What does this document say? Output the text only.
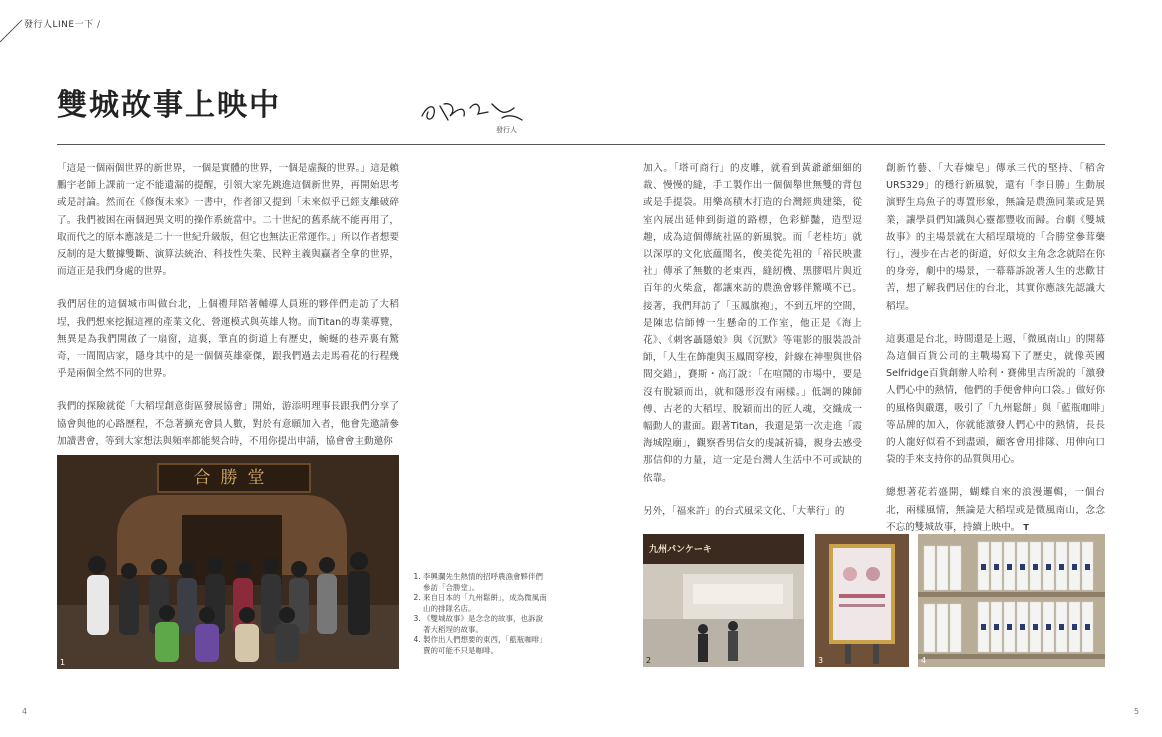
發行人LINE一下 /
雙城故事上映中
發行人

「這是一個兩個世界的新世界，一個是實體的世界，一個是虛擬的世界。」這是賴鵬宇老師上課前一定不能遺漏的提醒，引領大家先跳進這個新世界，再開始思考或是討論。然而在《修復未來》一書中，作者卻又提到「未來似乎已經支離破碎了。我們被困在兩個迥異文明的操作系統當中。二十世紀的舊系統不能再用了，取而代之的原本應該是二十一世紀升級版，但它也無法正常運作。」所以作者想要反制的是大數據雙斷、演算法統治、科技性失業、民粹主義與贏者全拿的世界，而這正是我們身處的世界。

我們居住的這個城市叫做台北，上個禮拜陪著輔導人員班的夥伴們走訪了大稻埕，我們想來挖掘這裡的產業文化、營運模式與英雄人物。而Titan的專業導覽，無異是為我們開啟了一扇窗，這裏，筆直的街道上有歷史，蜿蜒的巷弄裏有驚奇，一間間店家，隱身其中的是一個個英雄豪傑，跟我們過去走馬看花的行程幾乎是兩個全然不同的世界。

我們的探險就從「大稻埕創意街區發展協會」開始，游添明理事長跟我們分享了協會與他的心路歷程，不急著擴充會員人數，對於有意願加入者，他會先邀請參加讀書會，等到大家想法與頻率都能契合時，不用你提出申請，協會會主動邀你

加入。「塔可商行」的皮雕，就看到黃爺爺細細的裁、慢慢的縫，手工製作出一個個舉世無雙的背包或是手提袋。用樂高積木打造的台灣經典建築，從室內展出延伸到街道的路標，色彩鮮豔，造型逗趣，成為這個傳統社區的新風貌。而「老桂坊」就以深厚的文化底蘊聞名，俊美從先祖的「裕民映畫社」傳承了無數的老東西，縫紉機、黑膠唱片與近百年的火柴盒，都讓來訪的農漁會夥伴驚嘆不已。接著，我們拜訪了「玉鳳旗袍」，不到五坪的空間，是陳忠信師傅一生懸命的工作室，他正是《海上花》、《刺客聶隱娘》與《沉默》等電影的服裝設計師，「人生在飾龍與玉鳳間穿梭，針線在神聖與世俗間交錯」，賽斯・高汀說：「在喧鬧的市場中，要是沒有脫穎而出，就和隱形沒有兩樣。」低調的陳師傅、古老的大稻埕、脫穎而出的匠人魂，交織成一幅動人的畫面。跟著Titan，我還是第一次走進「霞海城隍廟」，觀察香男信女的虔誠祈禱，親身去感受那信仰的力量，這一定是台灣人生活中不可或缺的依靠。

另外，「福來許」的台式風采文化、「大華行」的

創新竹藝、「大春煉皂」傳承三代的堅持、「稻舍URS329」的穩行新風貌，還有「李日勝」生動展演野生烏魚子的專置形象，無論是農漁同業或是異業，讓學員們知識與心靈都豐收而歸。台劇《雙城故事》的主場景就在大稻埕環境的「合勝堂參茸藥行」，漫步在古老的街道，好似女主角念念就陪在你的身旁，劇中的場景，一幕幕訴說著人生的悲歡甘苦，想了解我們居住的台北，其實你應該先認識大稻埕。

這裏還是台北，時間還是上週，「微風南山」的開幕為這個百貨公司的主戰場寫下了歷史，就像英國Selfridge百貨創辦人哈利・賽佛里吉所說的「激發人們心中的熱情，他們的手便會伸向口袋。」做好你的風格與嚴選，吸引了「九州鬆餅」與「藍瓶咖啡」等品牌的加入，你就能激發人們心中的熱情，長長的人龍好似看不到盡頭，顧客會用排隊、用伸向口袋的手來支持你的品質與用心。

總想著花若盛開，蝴蝶自來的浪漫邏輯，一個台北，兩樣風情，無論是大稻埕或是微風南山，念念不忘的雙城故事，持續上映中。 T

合勝堂
1
1. 李興瀾先生熱情的招呼農漁會夥伴們參訪「合勝堂」。
2. 來自日本的「九州鬆餅」，成為微風南山的排隊名店。
3. 《雙城故事》是念念的故事，也訴說著大稻埕的故事。
4. 製作出人們想要的東西，「藍瓶咖啡」賣的可能不只是咖啡。
九州パンケーキ
2	3	4
4	5
